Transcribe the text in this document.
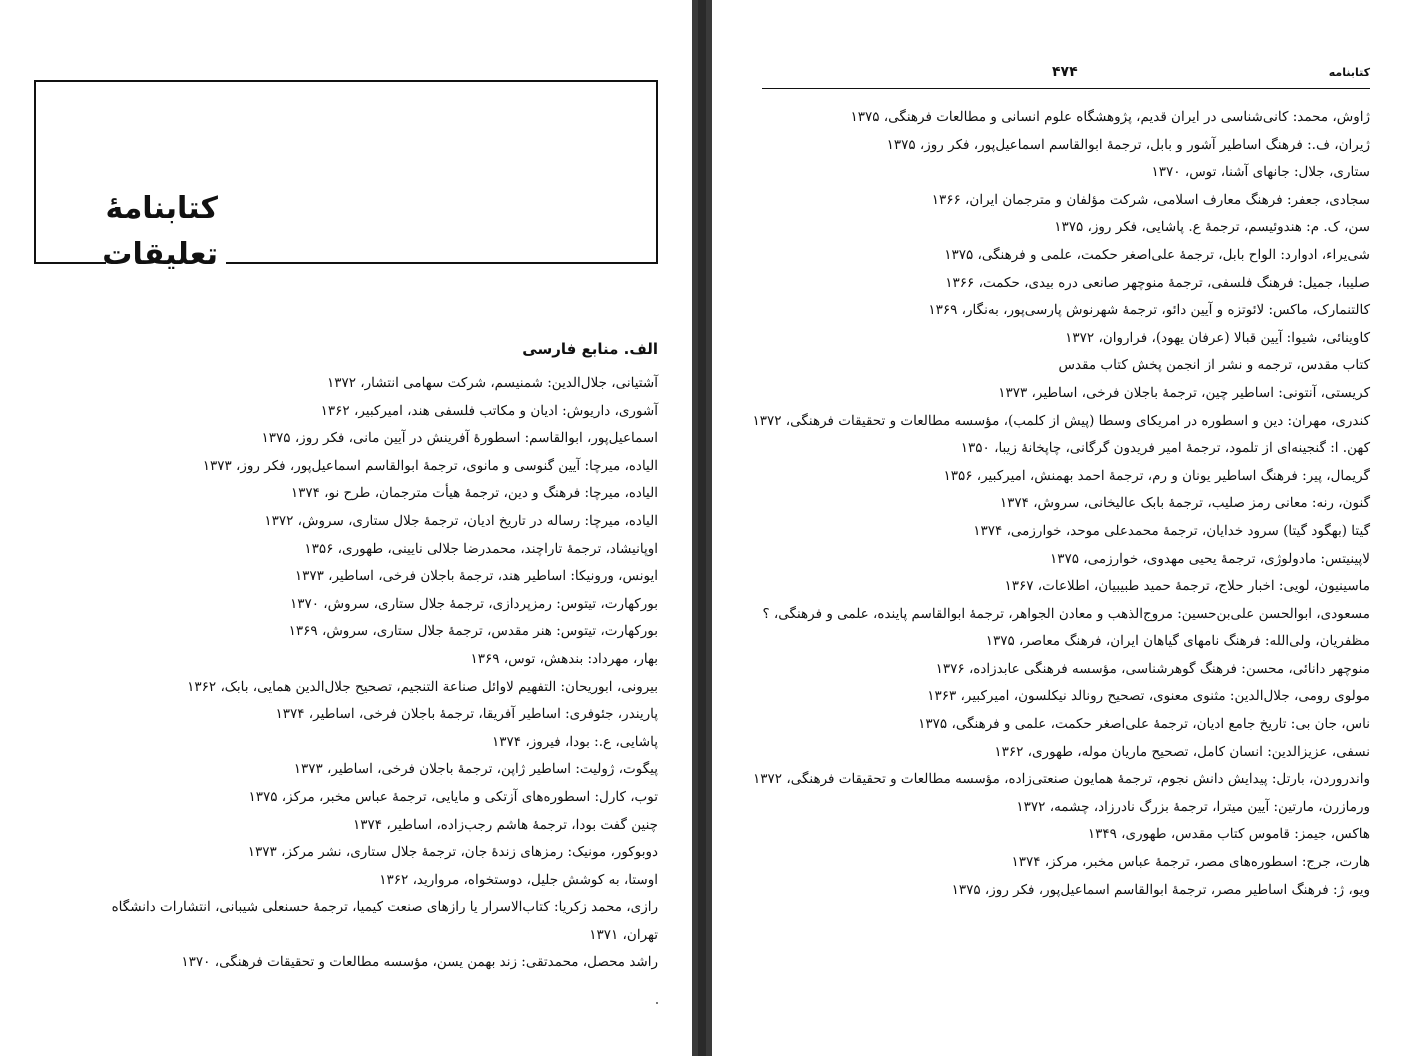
کتابنامهٔ
تعلیقات
الف. منابع فارسی
آشتیانی، جلال‌الدین: شمنیسم، شرکت سهامی انتشار، ۱۳۷۲
آشوری، داریوش: ادیان و مکاتب فلسفی هند، امیرکبیر، ۱۳۶۲
اسماعیل‌پور، ابوالقاسم: اسطورهٔ آفرینش در آیین مانی، فکر روز، ۱۳۷۵
الیاده، میرچا: آیین گنوسی و مانوی، ترجمهٔ ابوالقاسم اسماعیل‌پور، فکر روز، ۱۳۷۳
الیاده، میرچا: فرهنگ و دین، ترجمهٔ هیأت مترجمان، طرح نو، ۱۳۷۴
الیاده، میرچا: رساله در تاریخ ادیان، ترجمهٔ جلال ستاری، سروش، ۱۳۷۲
اوپانیشاد، ترجمهٔ تاراچند، محمدرضا جلالی نایینی، طهوری، ۱۳۵۶
ایونس، ورونیکا: اساطیر هند، ترجمهٔ باجلان فرخی، اساطیر، ۱۳۷۳
بورکهارت، تیتوس: رمزپردازی، ترجمهٔ جلال ستاری، سروش، ۱۳۷۰
بورکهارت، تیتوس: هنر مقدس، ترجمهٔ جلال ستاری، سروش، ۱۳۶۹
بهار، مهرداد: بندهش، توس، ۱۳۶۹
بیرونی، ابوریحان: التفهیم لاوائل صناعة التنجیم، تصحیح جلال‌الدین همایی، بابک، ۱۳۶۲
پاریندر، جئوفری: اساطیر آفریقا، ترجمهٔ باجلان فرخی، اساطیر، ۱۳۷۴
پاشایی، ع.: بودا، فیروز، ۱۳۷۴
پیگوت، ژولیت: اساطیر ژاپن، ترجمهٔ باجلان فرخی، اساطیر، ۱۳۷۳
توب، کارل: اسطوره‌های آزتکی و مایایی، ترجمهٔ عباس مخبر، مرکز، ۱۳۷۵
چنین گفت بودا، ترجمهٔ هاشم رجب‌زاده، اساطیر، ۱۳۷۴
دوبوکور، مونیک: رمزهای زندهٔ جان، ترجمهٔ جلال ستاری، نشر مرکز، ۱۳۷۳
اوستا، به کوشش جلیل، دوستخواه، مروارید، ۱۳۶۲
رازی، محمد زکریا: کتاب‌الاسرار یا رازهای صنعت کیمیا، ترجمهٔ حسنعلی شیبانی، انتشارات دانشگاه
تهران، ۱۳۷۱
راشد محصل، محمدتقی: زند بهمن یسن، مؤسسه مطالعات و تحقیقات فرهنگی، ۱۳۷۰
۴۷۴	کتابنامه
ژاوش، محمد: کانی‌شناسی در ایران قدیم، پژوهشگاه علوم انسانی و مطالعات فرهنگی، ۱۳۷۵
ژیران، ف.: فرهنگ اساطیر آشور و بابل، ترجمهٔ ابوالقاسم اسماعیل‌پور، فکر روز، ۱۳۷۵
ستاری، جلال: جانهای آشنا، توس، ۱۳۷۰
سجادی، جعفر: فرهنگ معارف اسلامی، شرکت مؤلفان و مترجمان ایران، ۱۳۶۶
سن، ک. م: هندوئیسم، ترجمهٔ ع. پاشایی، فکر روز، ۱۳۷۵
شی‌یراء، ادوارد: الواح بابل، ترجمهٔ علی‌اصغر حکمت، علمی و فرهنگی، ۱۳۷۵
صلیبا، جمیل: فرهنگ فلسفی، ترجمهٔ منوچهر صانعی دره بیدی، حکمت، ۱۳۶۶
کالتنمارک، ماکس: لائوتزه و آیین دائو، ترجمهٔ شهرنوش پارسی‌پور، به‌نگار، ۱۳۶۹
کاوینائی، شیوا: آیین قبالا (عرفان یهود)، فراروان، ۱۳۷۲
کتاب مقدس، ترجمه و نشر از انجمن پخش کتاب مقدس
کریستی، آنتونی: اساطیر چین، ترجمهٔ باجلان فرخی، اساطیر، ۱۳۷۳
کندری، مهران: دین و اسطوره در امریکای وسطا (پیش از کلمب)، مؤسسه مطالعات و تحقیقات فرهنگی، ۱۳۷۲
کهن. ا: گنجینه‌ای از تلمود، ترجمهٔ امیر فریدون گرگانی، چاپخانهٔ زیبا، ۱۳۵۰
گریمال، پیر: فرهنگ اساطیر یونان و رم، ترجمهٔ احمد بهمنش، امیرکبیر، ۱۳۵۶
گنون، رنه: معانی رمز صلیب، ترجمهٔ بابک عالیخانی، سروش، ۱۳۷۴
گیتا (بهگود گیتا) سرود خدایان، ترجمهٔ محمدعلی موحد، خوارزمی، ۱۳۷۴
لاپینیتس: مادولوژی، ترجمهٔ یحیی مهدوی، خوارزمی، ۱۳۷۵
ماسینیون، لویی: اخبار حلاج، ترجمهٔ حمید طبیبیان، اطلاعات، ۱۳۶۷
مسعودی، ابوالحسن علی‌بن‌حسین: مروج‌الذهب و معادن الجواهر، ترجمهٔ ابوالقاسم پاینده، علمی و فرهنگی، ؟
مظفریان، ولی‌الله: فرهنگ نامهای گیاهان ایران، فرهنگ معاصر، ۱۳۷۵
منوچهر دانائی، محسن: فرهنگ گوهرشناسی، مؤسسه فرهنگی عابدزاده، ۱۳۷۶
مولوی رومی، جلال‌الدین: مثنوی معنوی، تصحیح رونالد نیکلسون، امیرکبیر، ۱۳۶۳
ناس، جان بی: تاریخ جامع ادیان، ترجمهٔ علی‌اصغر حکمت، علمی و فرهنگی، ۱۳۷۵
نسفی، عزیزالدین: انسان کامل، تصحیح ماریان موله، طهوری، ۱۳۶۲
واندروردن، بارتل: پیدایش دانش نجوم، ترجمهٔ همایون صنعتی‌زاده، مؤسسه مطالعات و تحقیقات فرهنگی، ۱۳۷۲
ورمازرن، مارتین: آیین میترا، ترجمهٔ بزرگ نادرزاد، چشمه، ۱۳۷۲
هاکس، جیمز: قاموس کتاب مقدس، طهوری، ۱۳۴۹
هارت، جرج: اسطوره‌های مصر، ترجمهٔ عباس مخبر، مرکز، ۱۳۷۴
ویو، ژ: فرهنگ اساطیر مصر، ترجمهٔ ابوالقاسم اسماعیل‌پور، فکر روز، ۱۳۷۵
